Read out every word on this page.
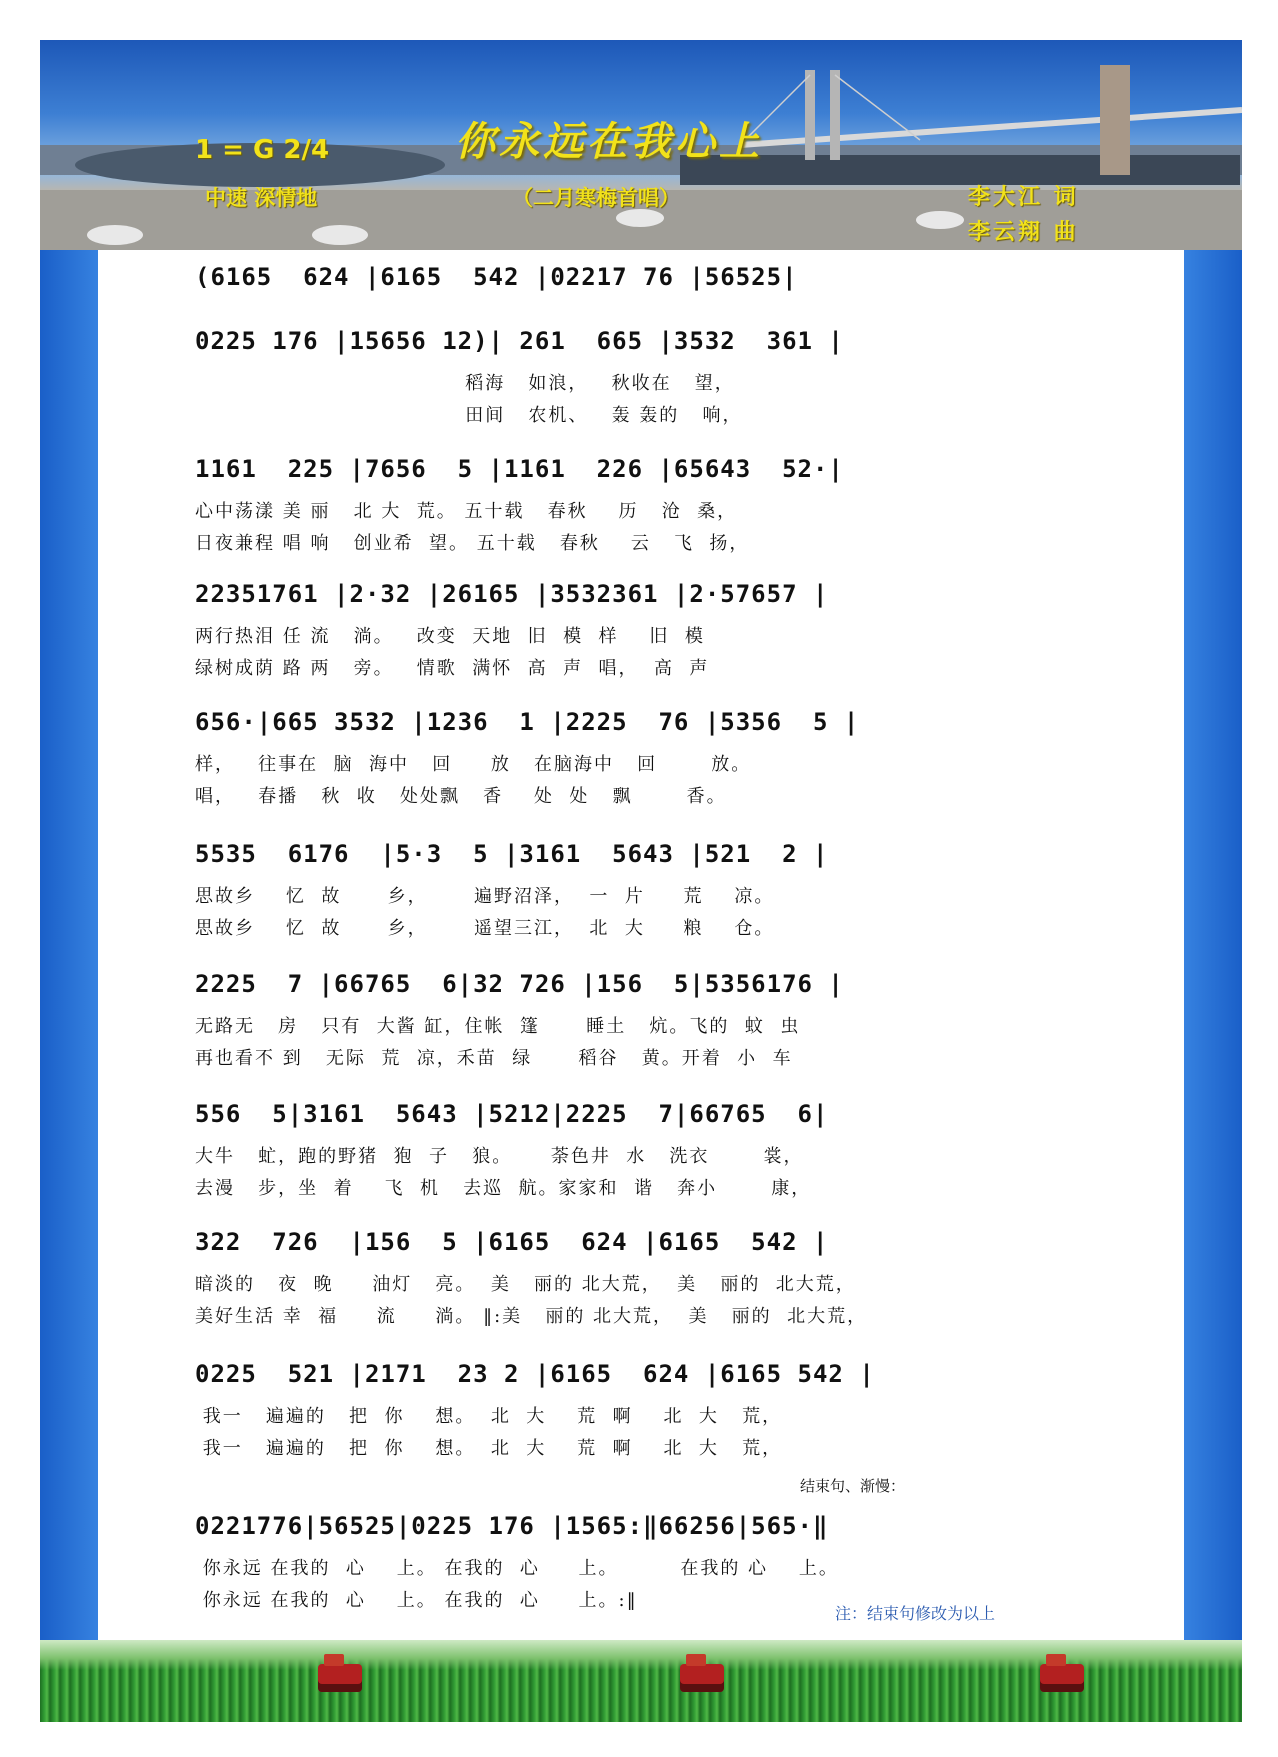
1 = G 2/4
中速 深情地
你永远在我心上
（二月寒梅首唱）	李大江 词
李云翔 曲
(6165  624 |6165  542 |02217 76 |56525|
0225 176 |15656 12)| 261  665 |3532  361 |
稻海   如浪，   秋收在   望，
田间   农机、   轰 轰的   响，
1161  225 |7656  5 |1161  226 |65643  52·|
心中荡漾 美 丽   北 大  荒。 五十载   春秋    历   沧  桑，
日夜兼程 唱 响   创业希  望。 五十载   春秋    云   飞  扬，
22351761 |2·32 |26165 |3532361 |2·57657 |
两行热泪 任 流   淌。   改变  天地  旧  模  样    旧  模
绿树成荫 路 两   旁。   情歌  满怀  高  声  唱，  高  声
656·|665 3532 |1236  1 |2225  76 |5356  5 |
样，   往事在  脑  海中   回     放   在脑海中   回       放。
唱，   春播   秋  收   处处飘   香    处  处   飘       香。
5535  6176  |5·3  5 |3161  5643 |521  2 |
思故乡    忆  故      乡，      遍野沼泽，  一  片     荒    凉。
思故乡    忆  故      乡，      遥望三江，  北  大     粮    仓。
2225  7 |66765  6|32 726 |156  5|5356176 |
无路无   房   只有  大酱 缸，住帐  篷      睡土   炕。飞的  蚊  虫
再也看不 到   无际  荒  凉，禾苗  绿      稻谷   黄。开着  小  车
556  5|3161  5643 |5212|2225  7|66765  6|
大牛   虻，跑的野猪  狍  子   狼。     荼色井  水   洗衣       裳，
去漫   步，坐  着    飞  机   去巡  航。家家和  谐   奔小       康，
322  726  |156  5 |6165  624 |6165  542 |
暗淡的   夜  晚     油灯   亮。  美   丽的 北大荒，  美   丽的  北大荒，
美好生活 幸  福     流     淌。 ‖:美   丽的 北大荒，  美   丽的  北大荒，
0225  521 |2171  23 2 |6165  624 |6165 542 |
我一   遍遍的   把  你    想。  北  大    荒  啊    北  大   荒，
我一   遍遍的   把  你    想。  北  大    荒  啊    北  大   荒，
结束句、渐慢：
0221776|56525|0225 176 |1565:‖66256|565·‖
你永远 在我的  心    上。 在我的  心     上。        在我的 心    上。
你永远 在我的  心    上。 在我的  心     上。:‖
注：结束句修改为以上
